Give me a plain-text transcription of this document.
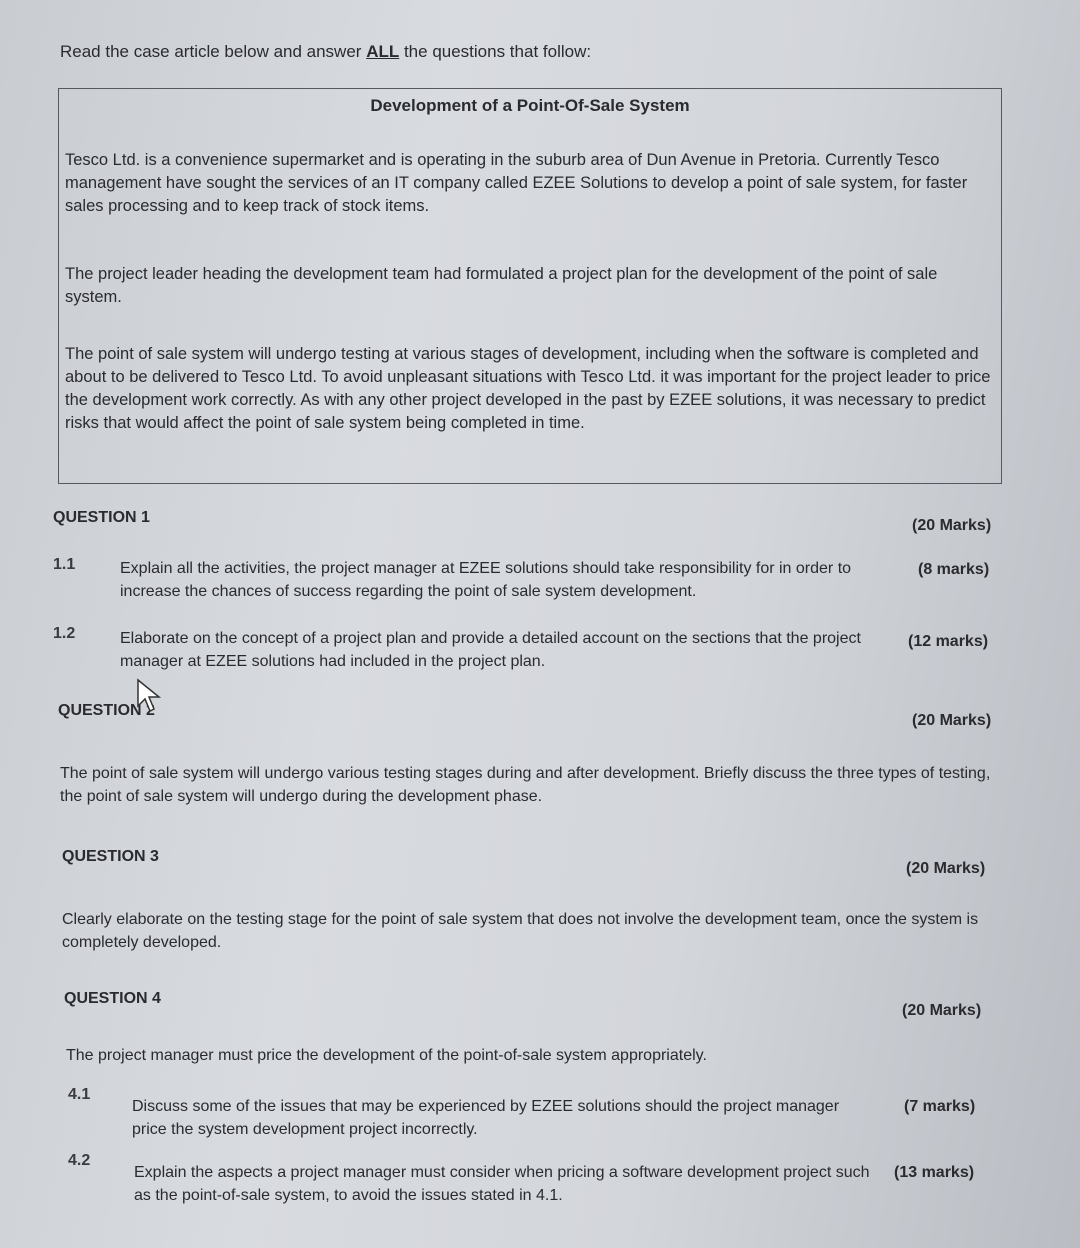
Read the case article below and answer ALL the questions that follow:
Development of a Point-Of-Sale System
Tesco Ltd. is a convenience supermarket and is operating in the suburb area of Dun Avenue in Pretoria. Currently Tesco management have sought the services of an IT company called EZEE Solutions to develop a point of sale system, for faster sales processing and to keep track of stock items.
The project leader heading the development team had formulated a project plan for the development of the point of sale system.
The point of sale system will undergo testing at various stages of development, including when the software is completed and about to be delivered to Tesco Ltd. To avoid unpleasant situations with Tesco Ltd. it was important for the project leader to price the development work correctly. As with any other project developed in the past by EZEE solutions, it was necessary to predict risks that would affect the point of sale system being completed in time.
QUESTION 1	(20 Marks)
1.1	Explain all the activities, the project manager at EZEE solutions should take responsibility for in order to increase the chances of success regarding the point of sale system development.
(8 marks)
1.2	Elaborate on the concept of a project plan and provide a detailed account on the sections that the project manager at EZEE solutions had included in the project plan.
(12 marks)
QUESTION 2
(20 Marks)
The point of sale system will undergo various testing stages during and after development. Briefly discuss the three types of testing, the point of sale system will undergo during the development phase.
QUESTION 3
(20 Marks)
Clearly elaborate on the testing stage for the point of sale system that does not involve the development team, once the system is completely developed.
QUESTION 4
(20 Marks)
The project manager must price the development of the point-of-sale system appropriately.
4.1
Discuss some of the issues that may be experienced by EZEE solutions should the project manager price the system development project incorrectly.
(7 marks)
4.2
Explain the aspects a project manager must consider when pricing a software development project such as the point-of-sale system, to avoid the issues stated in 4.1.
(13 marks)
